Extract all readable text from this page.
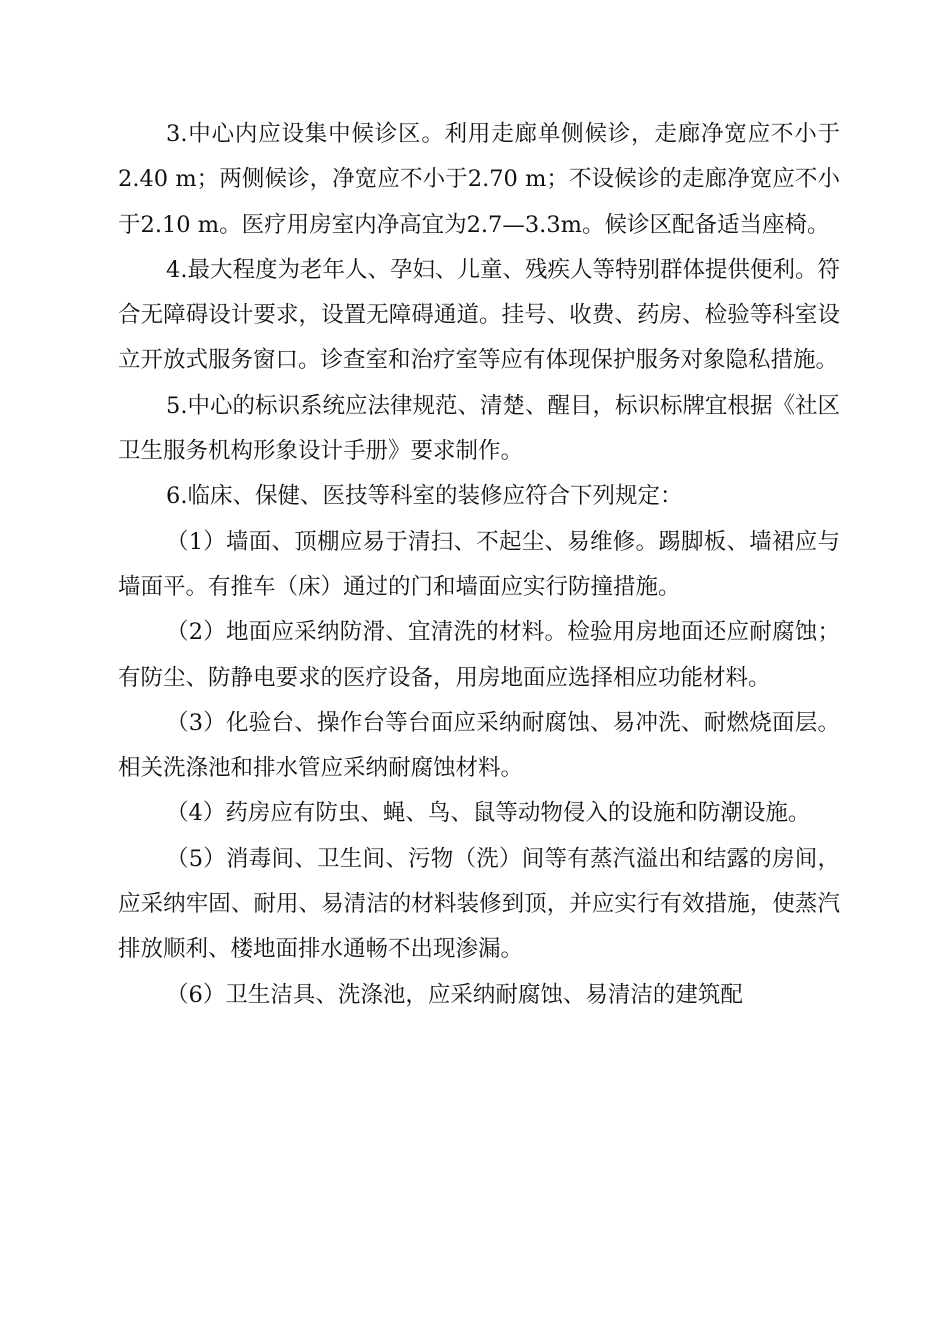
3.中心内应设集中候诊区。利用走廊单侧候诊，走廊净宽应不小于2.40 m；两侧候诊，净宽应不小于2.70 m；不设候诊的走廊净宽应不小于2.10 m。医疗用房室内净高宜为2.7—3.3m。候诊区配备适当座椅。

4.最大程度为老年人、孕妇、儿童、残疾人等特别群体提供便利。符合无障碍设计要求，设置无障碍通道。挂号、收费、药房、检验等科室设立开放式服务窗口。诊查室和治疗室等应有体现保护服务对象隐私措施。

5.中心的标识系统应法律规范、清楚、醒目，标识标牌宜根据《社区卫生服务机构形象设计手册》要求制作。

6.临床、保健、医技等科室的装修应符合下列规定：

（1）墙面、顶棚应易于清扫、不起尘、易维修。踢脚板、墙裙应与墙面平。有推车（床）通过的门和墙面应实行防撞措施。

（2）地面应采纳防滑、宜清洗的材料。检验用房地面还应耐腐蚀；有防尘、防静电要求的医疗设备，用房地面应选择相应功能材料。

（3）化验台、操作台等台面应采纳耐腐蚀、易冲洗、耐燃烧面层。相关洗涤池和排水管应采纳耐腐蚀材料。

（4）药房应有防虫、蝇、鸟、鼠等动物侵入的设施和防潮设施。

（5）消毒间、卫生间、污物（洗）间等有蒸汽溢出和结露的房间，应采纳牢固、耐用、易清洁的材料装修到顶，并应实行有效措施，使蒸汽排放顺利、楼地面排水通畅不出现渗漏。

（6）卫生洁具、洗涤池，应采纳耐腐蚀、易清洁的建筑配
